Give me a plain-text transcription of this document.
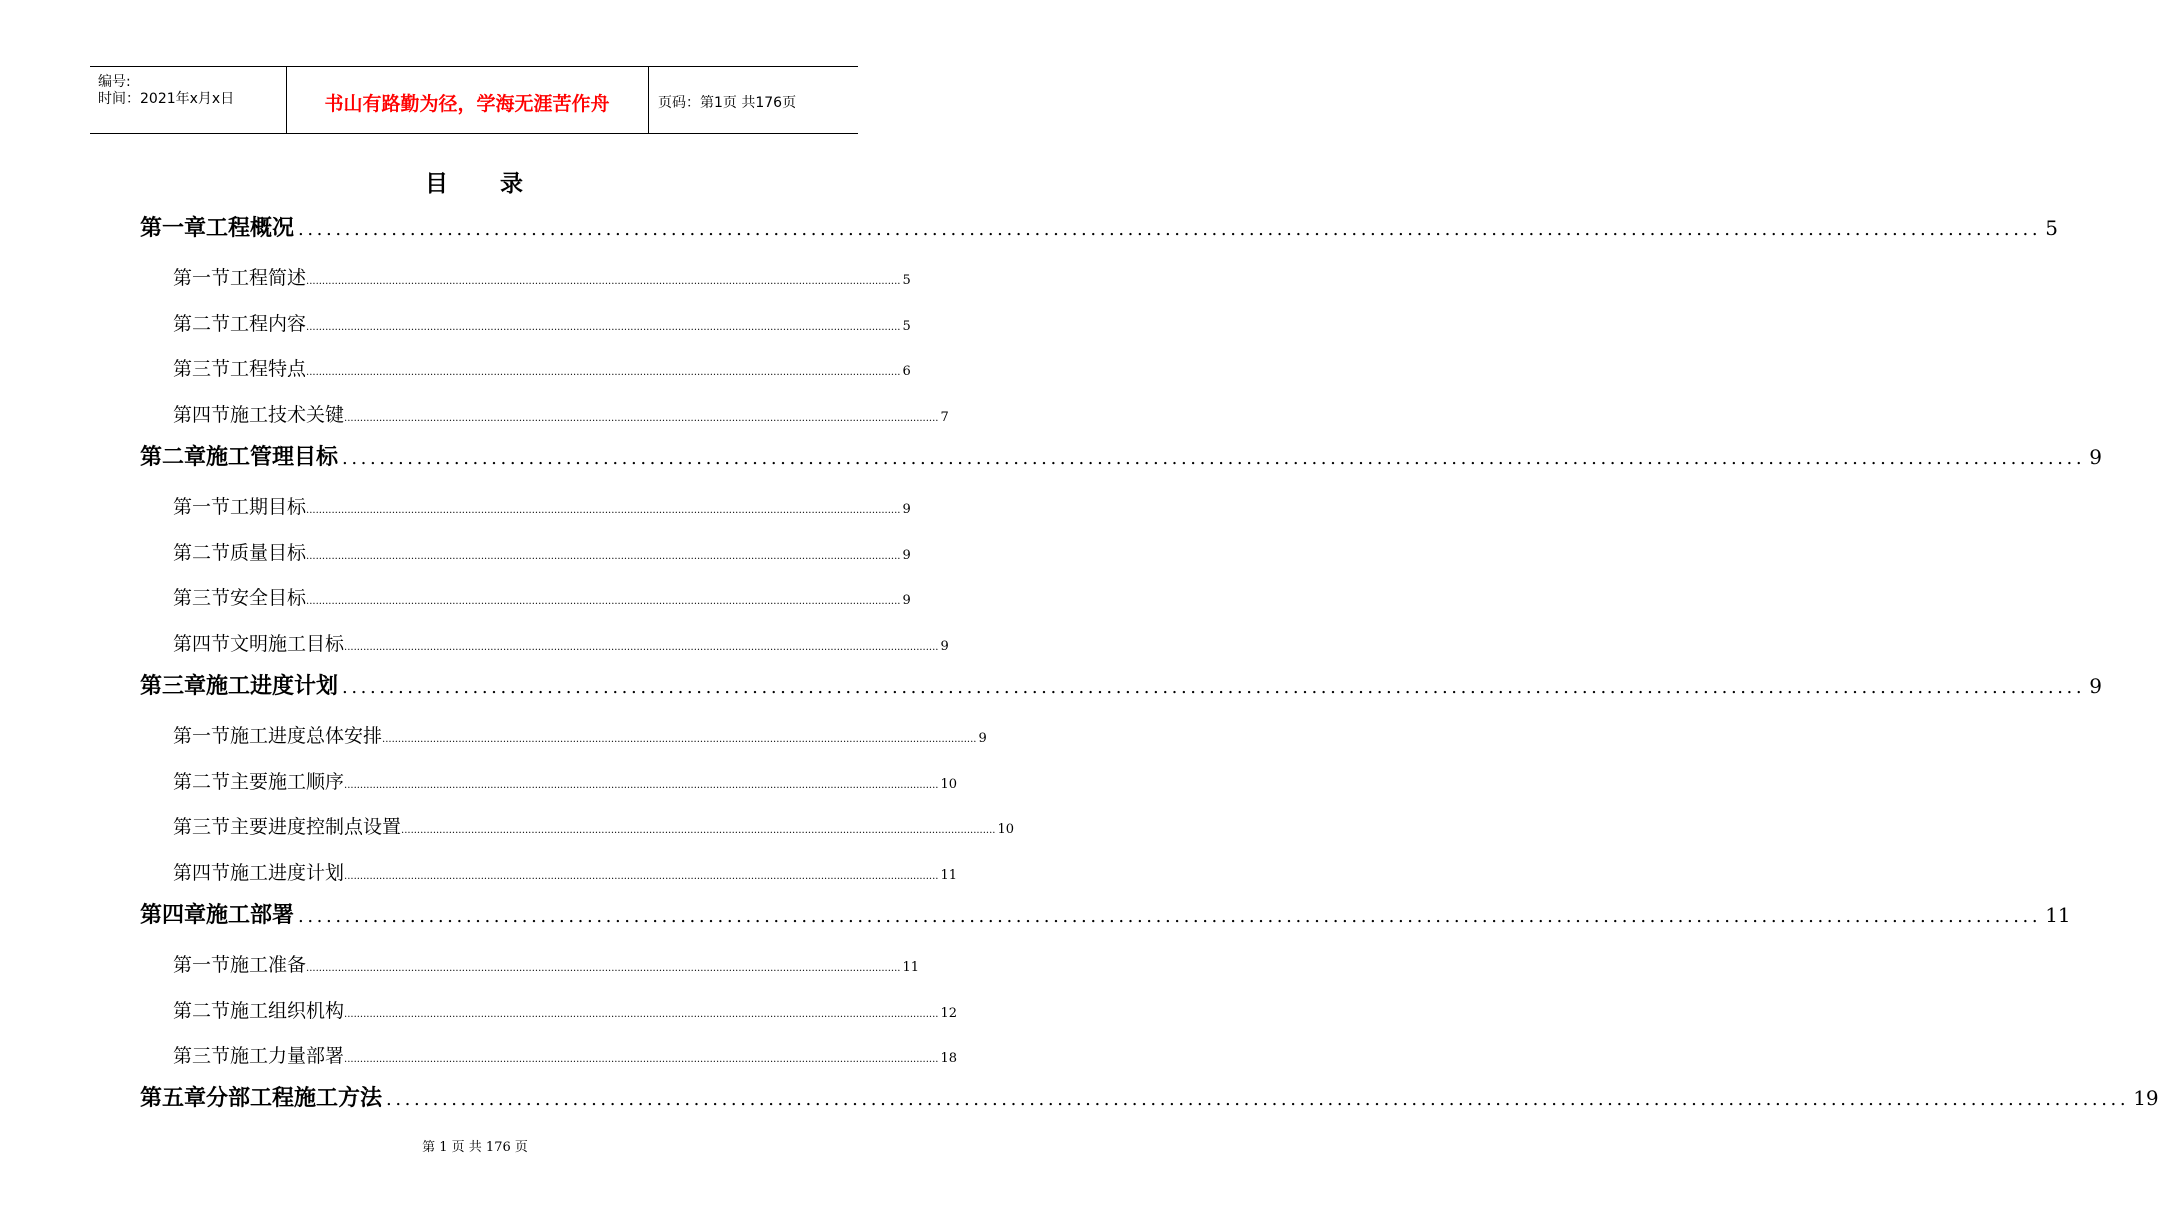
编号:
时间：2021年x月x日	书山有路勤为径，学海无涯苦作舟	页码：第1页 共176页
目 录
第一章 工程概况 ........................................................................................................................................................................................... 5
第一节 工程简述 ........................................................................................................................................................................................... 5
第二节 工程内容 ........................................................................................................................................................................................... 5
第三节 工程特点 ........................................................................................................................................................................................... 6
第四节 施工技术关键 ........................................................................................................................................................................................... 7
第二章 施工管理目标 ........................................................................................................................................................................................... 9
第一节 工期目标 ........................................................................................................................................................................................... 9
第二节 质量目标 ........................................................................................................................................................................................... 9
第三节 安全目标 ........................................................................................................................................................................................... 9
第四节 文明施工目标 ........................................................................................................................................................................................... 9
第三章 施工进度计划 ........................................................................................................................................................................................... 9
第一节 施工进度总体安排 ........................................................................................................................................................................................... 9
第二节 主要施工顺序 ........................................................................................................................................................................................... 10
第三节 主要进度控制点设置 ........................................................................................................................................................................................... 10
第四节 施工进度计划 ........................................................................................................................................................................................... 11
第四章 施工部署 ........................................................................................................................................................................................... 11
第一节 施工准备 ........................................................................................................................................................................................... 11
第二节 施工组织机构 ........................................................................................................................................................................................... 12
第三节 施工力量部署 ........................................................................................................................................................................................... 18
第五章 分部工程施工方法 ........................................................................................................................................................................................... 19
第 1 页 共 176 页
